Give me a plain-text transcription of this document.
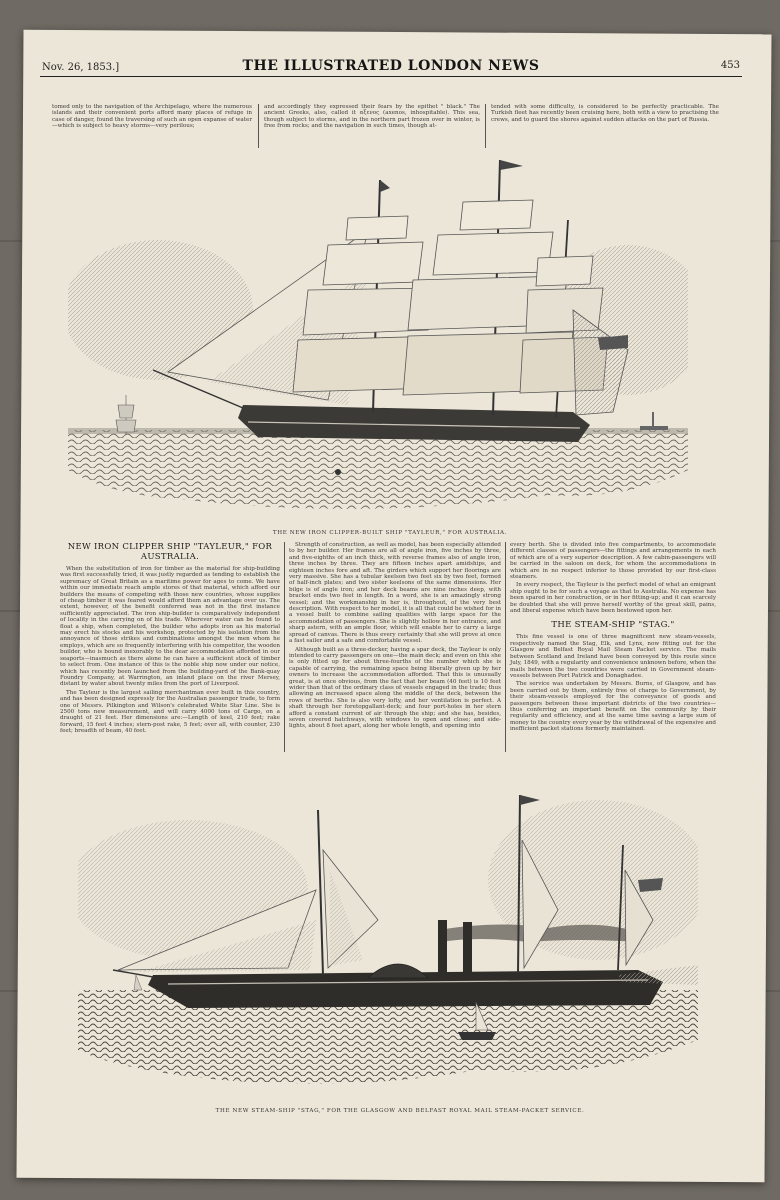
Nov. 26, 1853.]	THE ILLUSTRATED LONDON NEWS	453

tomed only to the navigation of the Archipelago, where the numerous islands and their convenient ports afford many places of refuge in case of danger, found the traversing of such an open expanse of water—which is subject to heavy storms—very perilous;

and accordingly they expressed their fears by the epithet " black." The ancient Greeks, also, called it αξενος (axenos, inhospitable). This sea, though subject to storms, and in the northern part frozen over in winter, is free from rocks; and the navigation in such times, though at-

tended with some difficulty, is considered to be perfectly practicable. The Turkish fleet has recently been cruising here, both with a view to practising the crews, and to guard the shores against sudden attacks on the part of Russia.

THE NEW IRON CLIPPER-BUILT SHIP "TAYLEUR," FOR AUSTRALIA.
NEW IRON CLIPPER SHIP "TAYLEUR," FOR AUSTRALIA.

When the substitution of iron for timber as the material for ship-building was first successfully tried, it was justly regarded as tending to establish the supremacy of Great Britain as a maritime power for ages to come. We have within our immediate reach ample stores of that material, which afford our builders the means of competing with those new countries, whose supplies of cheap timber it was feared would afford them an advantage over us. The extent, however, of the benefit conferred was not in the first instance sufficiently appreciated. The iron ship-builder is comparatively independent of locality in the carrying on of his trade. Wherever water can be found to float a ship, when completed, the builder who adopts iron as his material may erect his stocks and his workshop, protected by his isolation from the annoyance of those strikes and combinations amongst the men whom he employs, which are so frequently interfering with his competitor, the wooden builder, who is bound inexorably to the dear accommodation afforded in our seaports—inasmuch as there alone he can have a sufficient stock of timber to select from. One instance of this is the noble ship now under our notice, which has recently been launched from the building-yard of the Bank-quay Foundry Company, at Warrington, an inland place on the river Mersey, distant by water about twenty miles from the port of Liverpool.

The Tayleur is the largest sailing merchantman ever built in this country, and has been designed expressly for the Australian passenger trade, to form one of Messrs. Pilkington and Wilson's celebrated White Star Line. She is 2500 tons new measurement, and will carry 4000 tons of Cargo, on a draught of 21 feet. Her dimensions are:—Length of keel, 210 feet; rake forward, 15 feet 4 inches; stern-post rake, 5 feet; over all, with counter, 230 feet; breadth of beam, 40 feet.

Strength of construction, as well as model, has been especially attended to by her builder. Her frames are all of angle iron, five inches by three, and five-eighths of an inch thick, with reverse frames also of angle iron, three inches by three. They are fifteen inches apart amidships, and eighteen inches fore and aft. The girders which support her floorings are very massive. She has a tubular keelson two feet six by two feet, formed of half-inch plates; and two sister keelsons of the same dimensions. Her bilge is of angle iron; and her deck beams are nine inches deep, with bracket ends two feet in length. In a word, she is an amazingly strong vessel; and the workmanship in her is, throughout, of the very best description. With respect to her model, it is all that could be wished for in a vessel built to combine sailing qualities with large space for the accommodation of passengers. She is slightly hollow in her entrance, and sharp astern, with an ample floor, which will enable her to carry a large spread of canvas. There is thus every certainty that she will prove at once a fast sailer and a safe and comfortable vessel.

Although built as a three-decker, having a spar deck, the Tayleur is only intended to carry passengers on one—the main deck; and even on this she is only fitted up for about three-fourths of the number which she is capable of carrying, the remaining space being liberally given up by her owners to increase the accommodation afforded. That this is unusually great, is at once obvious, from the fact that her beam (40 feet) is 10 feet wider than that of the ordinary class of vessels engaged in the trade; thus allowing an increased space along the middle of the deck, between the rows of berths. She is also very lofty, and her ventilation is perfect. A shaft through her foretopgallant-deck; and four port-holes in her stern afford a constant current of air through the ship; and she has, besides, seven covered hatchways, with windows to open and close; and side-lights, about 8 feet apart, along her whole length, and opening into

every berth. She is divided into five compartments, to accommodate different classes of passengers—the fittings and arrangements in each of which are of a very superior description. A few cabin-passengers will be carried in the saloon on deck, for whom the accommodations in which are in no respect inferior to those provided by our first-class steamers.

In every respect, the Tayleur is the perfect model of what an emigrant ship ought to be for such a voyage as that to Australia. No expense has been spared in her construction, or in her fitting-up; and it can scarcely be doubted that she will prove herself worthy of the great skill, pains, and liberal expense which have been bestowed upon her.

THE STEAM-SHIP "STAG."

This fine vessel is one of three magnificent new steam-vessels, respectively named the Stag, Elk, and Lynx, now fitting out for the Glasgow and Belfast Royal Mail Steam Packet service. The mails between Scotland and Ireland have been conveyed by this route since July, 1849, with a regularity and convenience unknown before, when the mails between the two countries were carried in Government steam-vessels between Port Patrick and Donaghadee.

The service was undertaken by Messrs. Burns, of Glasgow, and has been carried out by them, entirely free of charge to Government, by their steam-vessels employed for the conveyance of goods and passengers between these important districts of the two countries—thus conferring an important benefit on the community by their regularity and efficiency, and at the same time saving a large sum of money to the country every year by the withdrawal of the expensive and inefficient packet stations formerly maintained.

THE NEW STEAM-SHIP "STAG," FOR THE GLASGOW AND BELFAST ROYAL MAIL STEAM-PACKET SERVICE.
